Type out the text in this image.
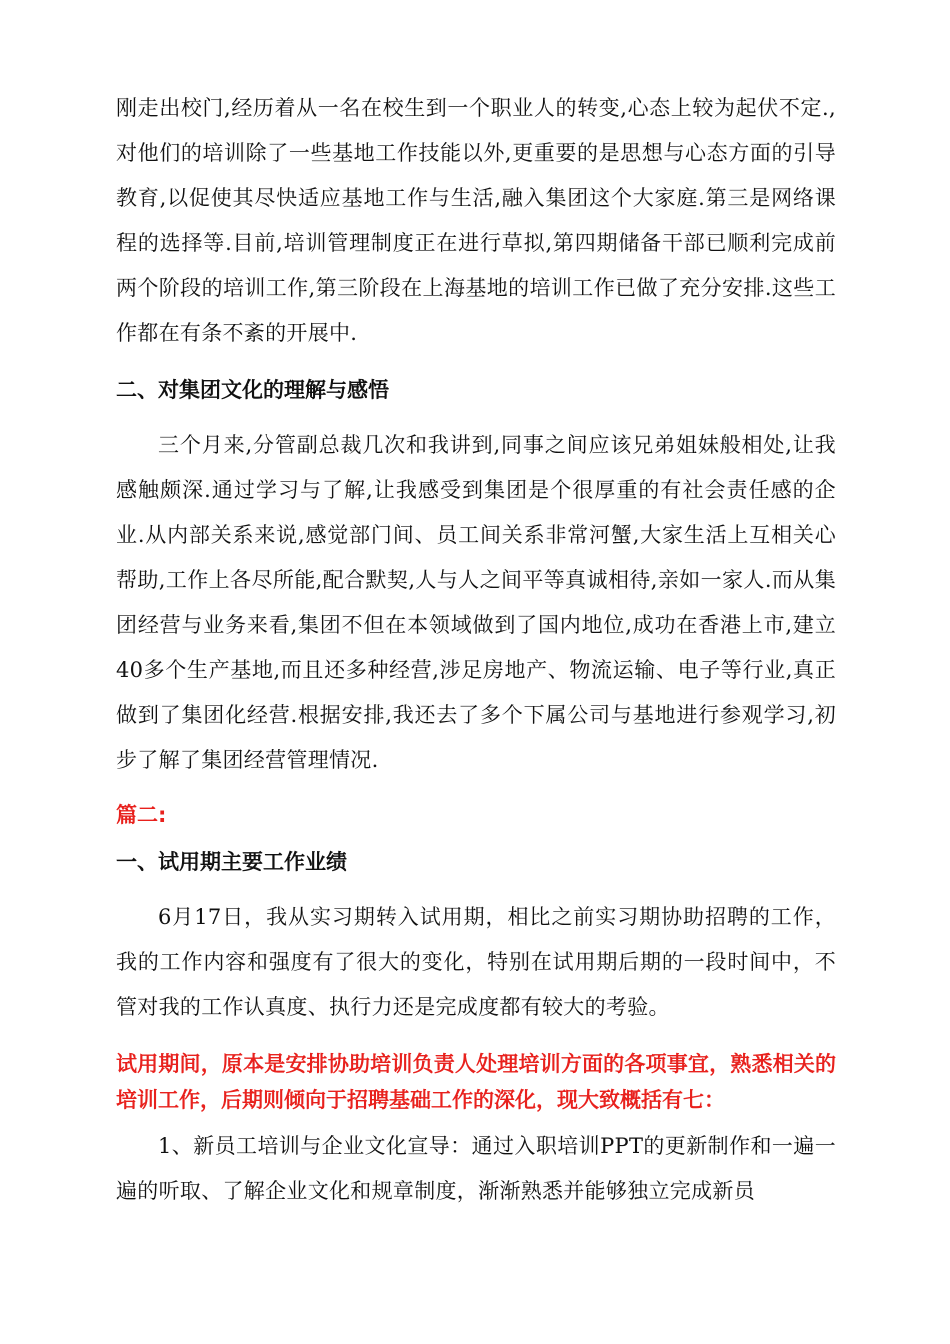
刚走出校门,经历着从一名在校生到一个职业人的转变,心态上较为起伏不定.,对他们的培训除了一些基地工作技能以外,更重要的是思想与心态方面的引导教育,以促使其尽快适应基地工作与生活,融入集团这个大家庭.第三是网络课程的选择等.目前,培训管理制度正在进行草拟,第四期储备干部已顺利完成前两个阶段的培训工作,第三阶段在上海基地的培训工作已做了充分安排.这些工作都在有条不紊的开展中.

二、对集团文化的理解与感悟

三个月来,分管副总裁几次和我讲到,同事之间应该兄弟姐妹般相处,让我感触颇深.通过学习与了解,让我感受到集团是个很厚重的有社会责任感的企业.从内部关系来说,感觉部门间、员工间关系非常河蟹,大家生活上互相关心帮助,工作上各尽所能,配合默契,人与人之间平等真诚相待,亲如一家人.而从集团经营与业务来看,集团不但在本领域做到了国内地位,成功在香港上市,建立40多个生产基地,而且还多种经营,涉足房地产、物流运输、电子等行业,真正做到了集团化经营.根据安排,我还去了多个下属公司与基地进行参观学习,初步了解了集团经营管理情况.

篇二:

一、试用期主要工作业绩

6月17日，我从实习期转入试用期，相比之前实习期协助招聘的工作，我的工作内容和强度有了很大的变化，特别在试用期后期的一段时间中，不管对我的工作认真度、执行力还是完成度都有较大的考验。

试用期间，原本是安排协助培训负责人处理培训方面的各项事宜，熟悉相关的培训工作，后期则倾向于招聘基础工作的深化，现大致概括有七：

1、新员工培训与企业文化宣导：通过入职培训PPT的更新制作和一遍一遍的听取、了解企业文化和规章制度，渐渐熟悉并能够独立完成新员
